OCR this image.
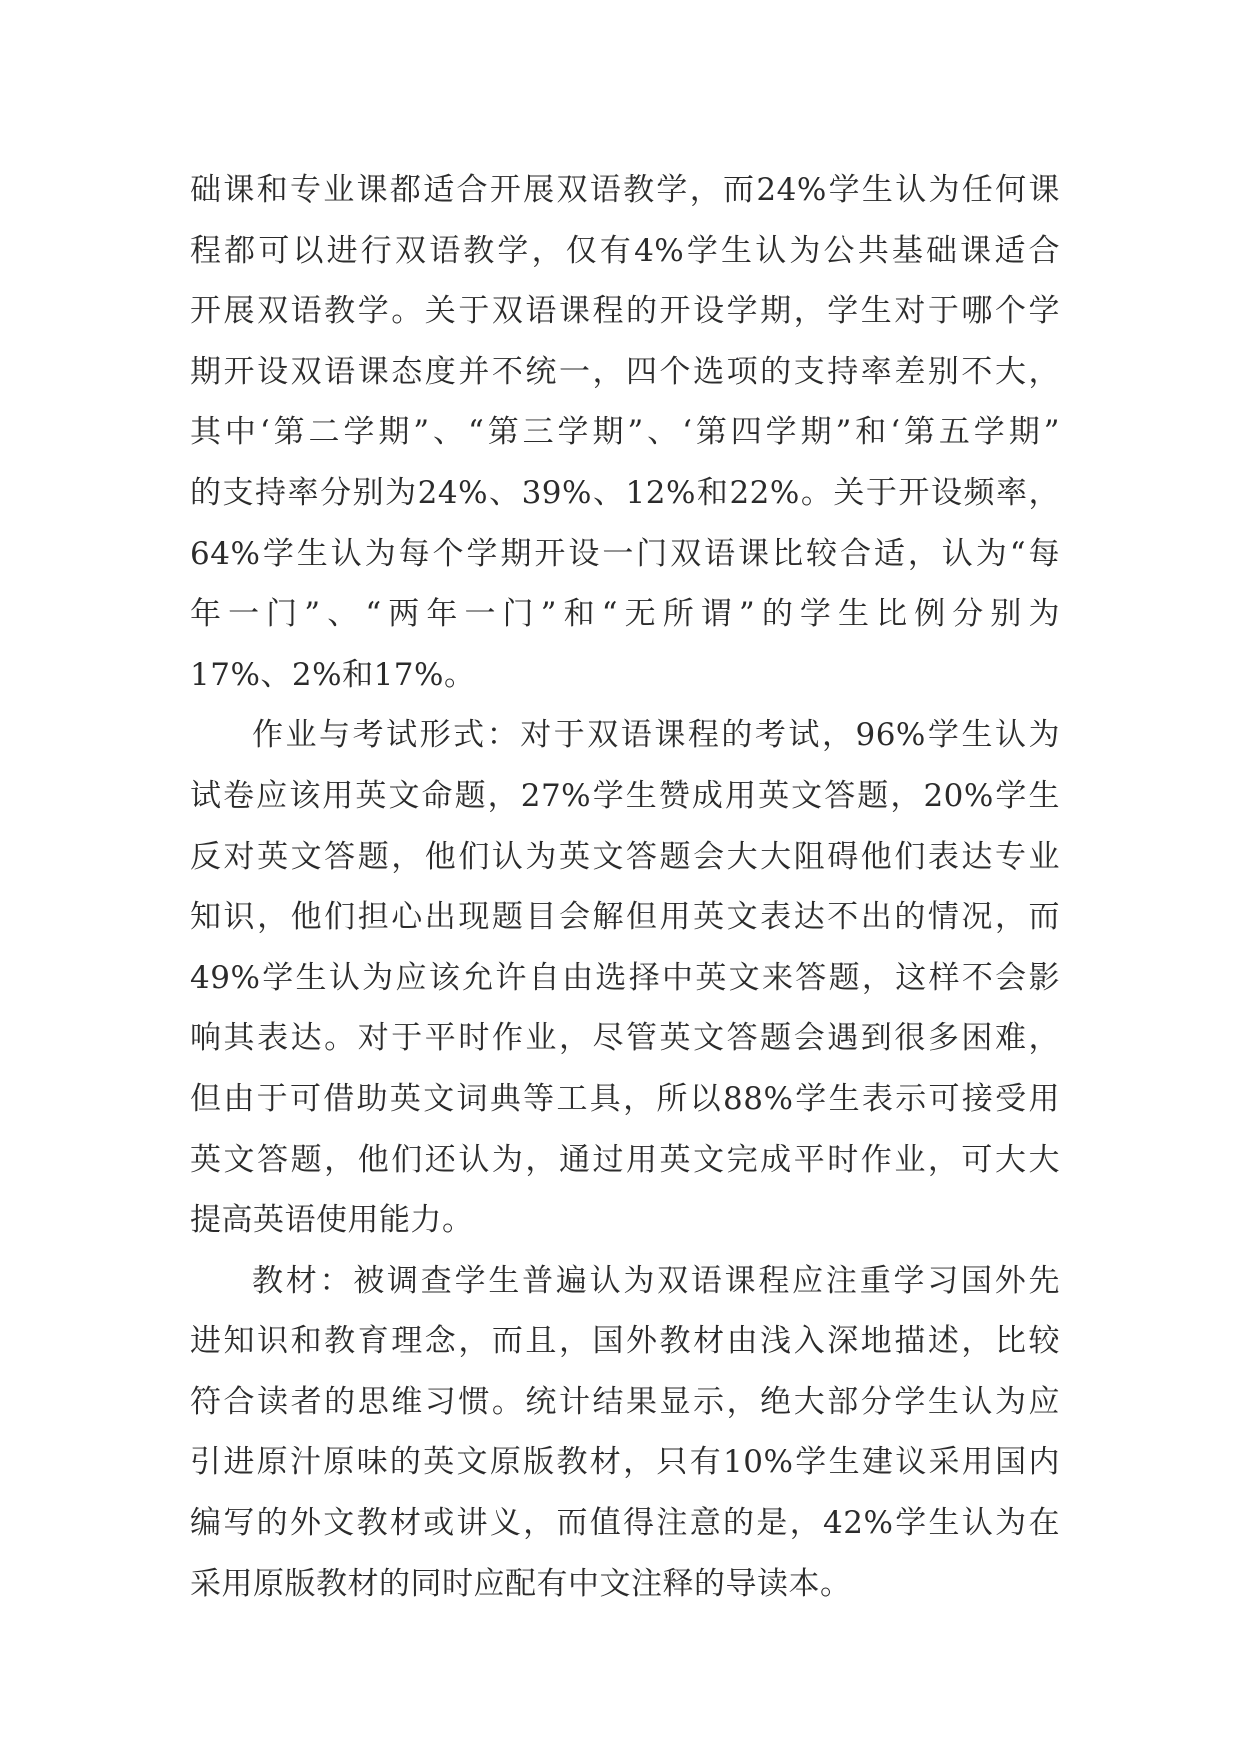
础课和专业课都适合开展双语教学，而24%学生认为任何课
程都可以进行双语教学，仅有4%学生认为公共基础课适合
开展双语教学。关于双语课程的开设学期，学生对于哪个学
期开设双语课态度并不统一，四个选项的支持率差别不大，
其中‘第二学期”、“第三学期”、‘第四学期”和‘第五学期”
的支持率分别为24%、39%、12%和22%。关于开设频率，
64%学生认为每个学期开设一门双语课比较合适，认为“每
年一门”、“两年一门”和“无所谓”的学生比例分别为
17%、2%和17%。
作业与考试形式：对于双语课程的考试，96%学生认为
试卷应该用英文命题，27%学生赞成用英文答题，20%学生
反对英文答题，他们认为英文答题会大大阻碍他们表达专业
知识，他们担心出现题目会解但用英文表达不出的情况，而
49%学生认为应该允许自由选择中英文来答题，这样不会影
响其表达。对于平时作业，尽管英文答题会遇到很多困难，
但由于可借助英文词典等工具，所以88%学生表示可接受用
英文答题，他们还认为，通过用英文完成平时作业，可大大
提高英语使用能力。
教材：被调查学生普遍认为双语课程应注重学习国外先
进知识和教育理念，而且，国外教材由浅入深地描述，比较
符合读者的思维习惯。统计结果显示，绝大部分学生认为应
引进原汁原味的英文原版教材，只有10%学生建议采用国内
编写的外文教材或讲义，而值得注意的是，42%学生认为在
采用原版教材的同时应配有中文注释的导读本。
